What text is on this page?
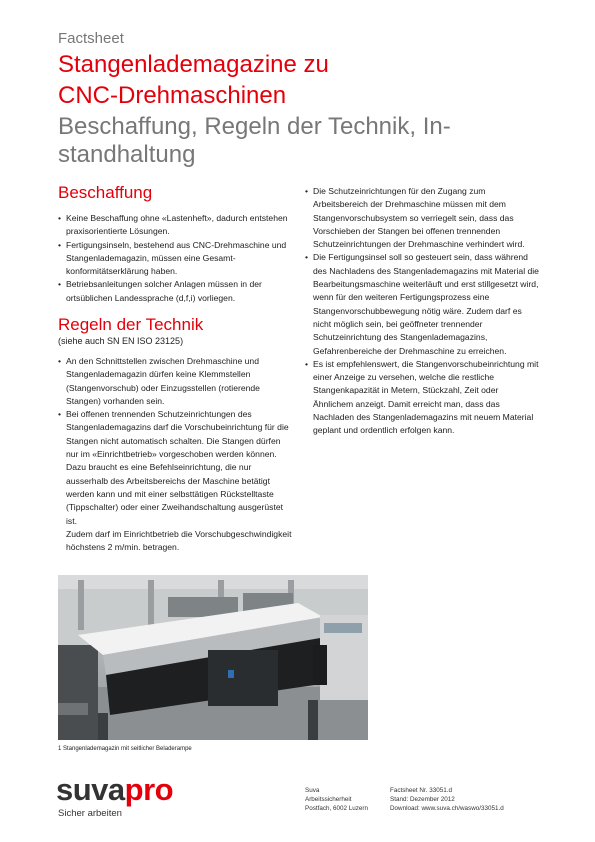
Factsheet
Stangenlademagazine zu
CNC-Drehmaschinen
Beschaffung, Regeln der Technik, In-
standhaltung
Beschaffung
• Keine Beschaffung ohne «Lastenheft», dadurch entstehen praxisorientierte Lösungen.
• Fertigungsinseln, bestehend aus CNC-Drehmaschine und Stangenlademagazin, müssen eine Gesamt-konformitätserklärung haben.
• Betriebsanleitungen solcher Anlagen müssen in der ortsüblichen Landessprache (d,f,i) vorliegen.
Regeln der Technik
(siehe auch SN EN ISO 23125)
• An den Schnittstellen zwischen Drehmaschine und Stangenlademagazin dürfen keine Klemmstellen (Stangenvorschub) oder Einzugsstellen (rotierende Stangen) vorhanden sein.
• Bei offenen trennenden Schutzeinrichtungen des Stangenlademagazins darf die Vorschubeinrichtung für die Stangen nicht automatisch schalten. Die Stangen dürfen nur im «Einrichtbetrieb» vorgeschoben werden können. Dazu braucht es eine Befehlseinrichtung, die nur ausserhalb des Arbeitsbereichs der Maschine betätigt werden kann und mit einer selbsttätigen Rückstelltaste (Tippschalter) oder einer Zweihandschaltung ausgerüstet ist.

Zudem darf im Einrichtbetrieb die Vorschubgeschwindigkeit höchstens 2 m/min. betragen.

• Die Schutzeinrichtungen für den Zugang zum Arbeitsbereich der Drehmaschine müssen mit dem Stangenvorschubsystem so verriegelt sein, dass das Vorschieben der Stangen bei offenen trennenden Schutzeinrichtungen der Drehmaschine verhindert wird.
• Die Fertigungsinsel soll so gesteuert sein, dass während des Nachladens des Stangenlademagazins mit Material die Bearbeitungsmaschine weiterläuft und erst stillgesetzt wird, wenn für den weiteren Fertigungsprozess eine Stangenvorschubbewegung nötig wäre. Zudem darf es nicht möglich sein, bei geöffneter trennender Schutzeinrichtung des Stangenlademagazins, Gefahrenbereiche der Drehmaschine zu erreichen.
• Es ist empfehlenswert, die Stangenvorschubeinrichtung mit einer Anzeige zu versehen, welche die restliche Stangenkapazität in Metern, Stückzahl, Zeit oder Ähnlichem anzeigt. Damit erreicht man, dass das Nachladen des Stangenlademagazins mit neuem Material geplant und ordentlich erfolgen kann.
1 Stangenlademagazin mit seitlicher Beladerampe
suvapro
Sicher arbeiten
Suva
Arbeitssicherheit
Postfach, 6002 Luzern
Factsheet Nr. 33051.d
Stand: Dezember 2012
Download: www.suva.ch/waswo/33051.d
